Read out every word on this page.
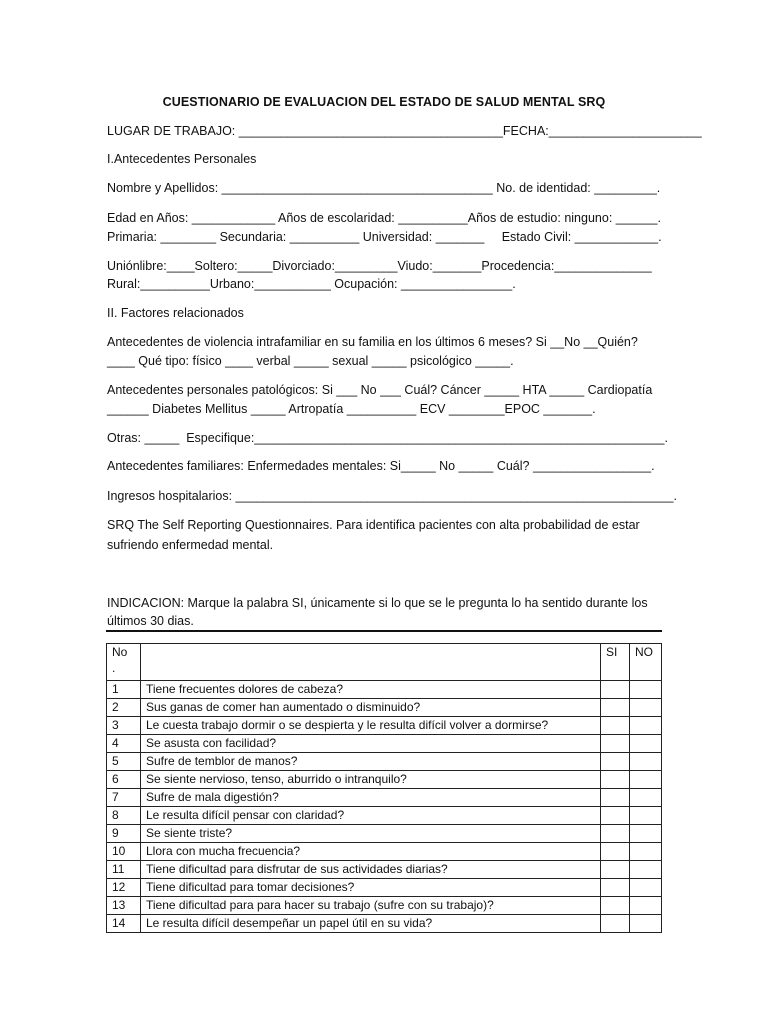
CUESTIONARIO DE EVALUACION DEL ESTADO DE SALUD MENTAL SRQ
LUGAR DE TRABAJO: ______________________________________FECHA:______________________
I.Antecedentes Personales
Nombre y Apellidos: _______________________________________ No. de identidad: _________.
Edad en Años: ____________ Años de escolaridad: __________Años de estudio: ninguno: ______.
Primaria: ________ Secundaria: __________ Universidad: _______     Estado Civil: ____________.
Uniónlibre:____Soltero:_____Divorciado:_________Viudo:_______Procedencia:______________
Rural:__________Urbano:___________ Ocupación: ________________.
II. Factores relacionados
Antecedentes de violencia intrafamiliar en su familia en los últimos 6 meses? Si __No __Quién?
____ Qué tipo: físico ____ verbal _____ sexual _____ psicológico _____.
Antecedentes personales patológicos: Si ___ No ___ Cuál? Cáncer _____ HTA _____ Cardiopatía
______ Diabetes Mellitus _____ Artropatía __________ ECV ________EPOC _______.
Otras: _____  Especifique:___________________________________________________________.
Antecedentes familiares: Enfermedades mentales: Si_____ No _____ Cuál? _________________.
Ingresos hospitalarios: _______________________________________________________________.
SRQ The Self Reporting Questionnaires. Para identifica pacientes con alta probabilidad de estar
sufriendo enfermedad mental.
INDICACION: Marque la palabra SI, únicamente si lo que se le pregunta lo ha sentido durante los
últimos 30 dias.
No
.		SI	NO
1	Tiene frecuentes dolores de cabeza?		
2	Sus ganas de comer han aumentado o disminuido?		
3	Le cuesta trabajo dormir o se despierta y le resulta difícil volver a dormirse?		
4	Se asusta con facilidad?		
5	Sufre de temblor de manos?		
6	Se siente nervioso, tenso, aburrido o intranquilo?		
7	Sufre de mala digestión?		
8	Le resulta difícil pensar con claridad?		
9	Se siente triste?		
10	Llora con mucha frecuencia?		
11	Tiene dificultad para disfrutar de sus actividades diarias?		
12	Tiene dificultad para tomar decisiones?		
13	Tiene dificultad para para hacer su trabajo (sufre con su trabajo)?		
14	Le resulta difícil desempeñar un papel útil en su vida?		
